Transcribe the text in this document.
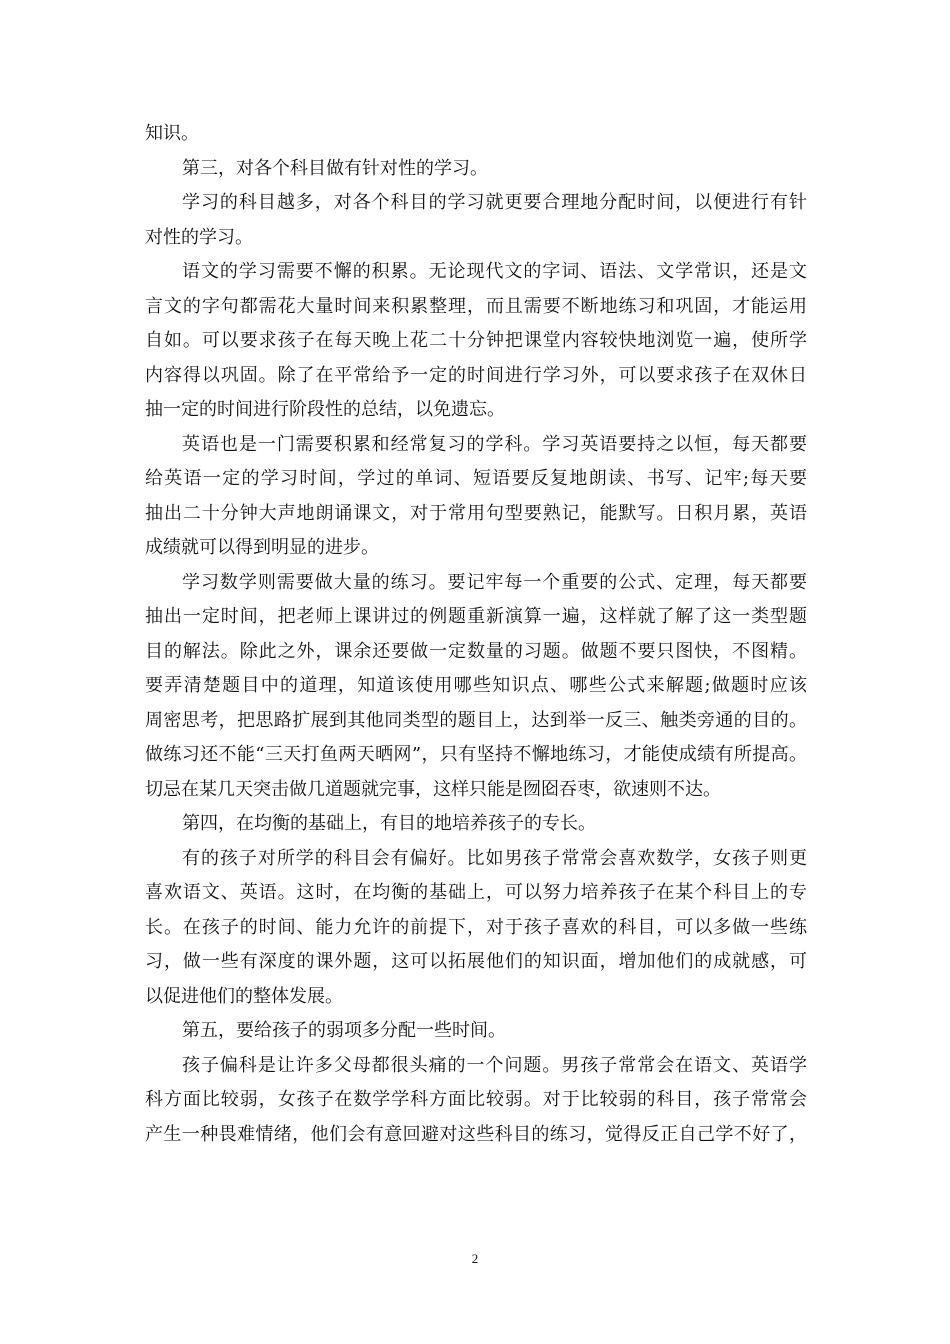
知识。
第三，对各个科目做有针对性的学习。
学习的科目越多，对各个科目的学习就更要合理地分配时间，以便进行有针
对性的学习。
语文的学习需要不懈的积累。无论现代文的字词、语法、文学常识，还是文
言文的字句都需花大量时间来积累整理，而且需要不断地练习和巩固，才能运用
自如。可以要求孩子在每天晚上花二十分钟把课堂内容较快地浏览一遍，使所学
内容得以巩固。除了在平常给予一定的时间进行学习外，可以要求孩子在双休日
抽一定的时间进行阶段性的总结，以免遗忘。
英语也是一门需要积累和经常复习的学科。学习英语要持之以恒，每天都要
给英语一定的学习时间，学过的单词、短语要反复地朗读、书写、记牢;每天要
抽出二十分钟大声地朗诵课文，对于常用句型要熟记，能默写。日积月累，英语
成绩就可以得到明显的进步。
学习数学则需要做大量的练习。要记牢每一个重要的公式、定理，每天都要
抽出一定时间，把老师上课讲过的例题重新演算一遍，这样就了解了这一类型题
目的解法。除此之外，课余还要做一定数量的习题。做题不要只图快，不图精。
要弄清楚题目中的道理，知道该使用哪些知识点、哪些公式来解题;做题时应该
周密思考，把思路扩展到其他同类型的题目上，达到举一反三、触类旁通的目的。
做练习还不能“三天打鱼两天晒网”，只有坚持不懈地练习，才能使成绩有所提高。
切忌在某几天突击做几道题就完事，这样只能是囫囵吞枣，欲速则不达。
第四，在均衡的基础上，有目的地培养孩子的专长。
有的孩子对所学的科目会有偏好。比如男孩子常常会喜欢数学，女孩子则更
喜欢语文、英语。这时，在均衡的基础上，可以努力培养孩子在某个科目上的专
长。在孩子的时间、能力允许的前提下，对于孩子喜欢的科目，可以多做一些练
习，做一些有深度的课外题，这可以拓展他们的知识面，增加他们的成就感，可
以促进他们的整体发展。
第五，要给孩子的弱项多分配一些时间。
孩子偏科是让许多父母都很头痛的一个问题。男孩子常常会在语文、英语学
科方面比较弱，女孩子在数学学科方面比较弱。对于比较弱的科目，孩子常常会
产生一种畏难情绪，他们会有意回避对这些科目的练习，觉得反正自己学不好了，
2
